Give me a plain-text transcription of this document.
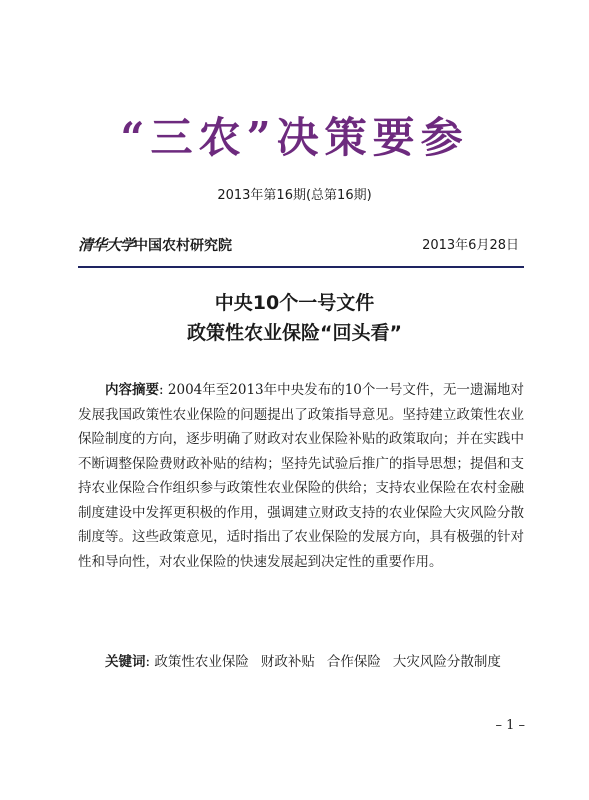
“三农”决策要参
2013年第16期(总第16期)
清华大学中国农村研究院	2013年6月28日
中央10个一号文件
政策性农业保险“回头看”

内容摘要: 2004年至2013年中央发布的10个一号文件，无一遗漏地对发展我国政策性农业保险的问题提出了政策指导意见。坚持建立政策性农业保险制度的方向，逐步明确了财政对农业保险补贴的政策取向；并在实践中不断调整保险费财政补贴的结构；坚持先试验后推广的指导思想；提倡和支持农业保险合作组织参与政策性农业保险的供给；支持农业保险在农村金融制度建设中发挥更积极的作用，强调建立财政支持的农业保险大灾风险分散制度等。这些政策意见，适时指出了农业保险的发展方向，具有极强的针对性和导向性，对农业保险的快速发展起到决定性的重要作用。

关键词: 政策性农业保险 财政补贴 合作保险 大灾风险分散制度

– 1 –
